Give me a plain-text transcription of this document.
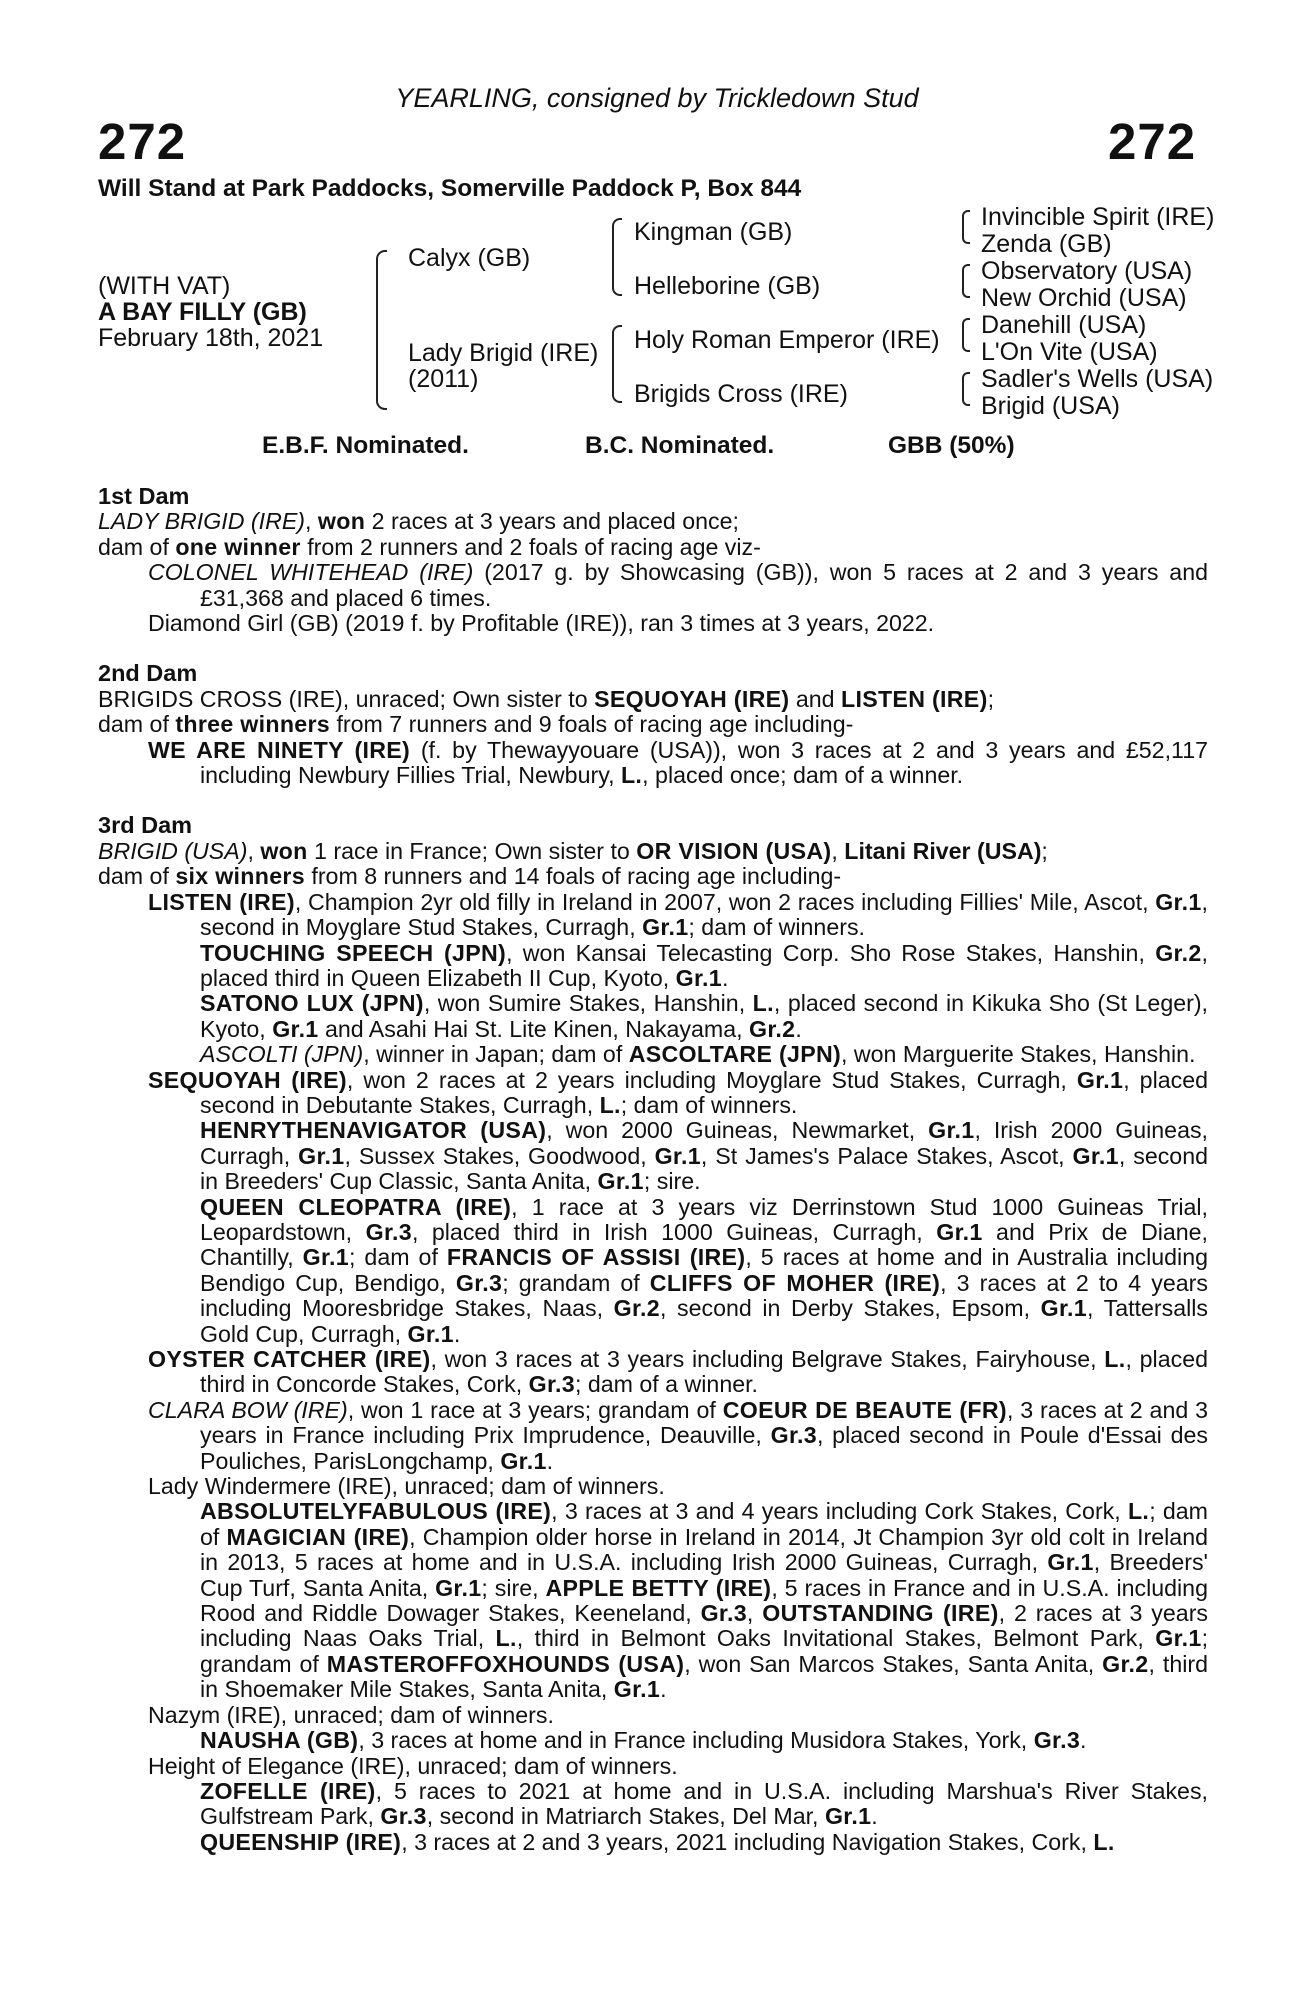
YEARLING, consigned by Trickledown Stud
272	272
Will Stand at Park Paddocks, Somerville Paddock P, Box 844
(WITH VAT)
A BAY FILLY (GB)
February 18th, 2021
Calyx (GB)
Lady Brigid (IRE)
(2011)
Kingman (GB)
Helleborine (GB)
Holy Roman Emperor (IRE)
Brigids Cross (IRE)
Invincible Spirit (IRE)
Zenda (GB)
Observatory (USA)
New Orchid (USA)
Danehill (USA)
L'On Vite (USA)
Sadler's Wells (USA)
Brigid (USA)
E.B.F. Nominated.	B.C. Nominated.	GBB (50%)
1st Dam
LADY BRIGID (IRE), won 2 races at 3 years and placed once;
dam of one winner from 2 runners and 2 foals of racing age viz-
COLONEL WHITEHEAD (IRE) (2017 g. by Showcasing (GB)), won 5 races at 2 and 3 years and £31,368 and placed 6 times.
Diamond Girl (GB) (2019 f. by Profitable (IRE)), ran 3 times at 3 years, 2022.
2nd Dam
BRIGIDS CROSS (IRE), unraced; Own sister to SEQUOYAH (IRE) and LISTEN (IRE);
dam of three winners from 7 runners and 9 foals of racing age including-
WE ARE NINETY (IRE) (f. by Thewayyouare (USA)), won 3 races at 2 and 3 years and £52,117 including Newbury Fillies Trial, Newbury, L., placed once; dam of a winner.
3rd Dam
BRIGID (USA), won 1 race in France; Own sister to OR VISION (USA), Litani River (USA);
dam of six winners from 8 runners and 14 foals of racing age including-
LISTEN (IRE), Champion 2yr old filly in Ireland in 2007, won 2 races including Fillies' Mile, Ascot, Gr.1, second in Moyglare Stud Stakes, Curragh, Gr.1; dam of winners.
TOUCHING SPEECH (JPN), won Kansai Telecasting Corp. Sho Rose Stakes, Hanshin, Gr.2, placed third in Queen Elizabeth II Cup, Kyoto, Gr.1.
SATONO LUX (JPN), won Sumire Stakes, Hanshin, L., placed second in Kikuka Sho (St Leger), Kyoto, Gr.1 and Asahi Hai St. Lite Kinen, Nakayama, Gr.2.
ASCOLTI (JPN), winner in Japan; dam of ASCOLTARE (JPN), won Marguerite Stakes, Hanshin.
SEQUOYAH (IRE), won 2 races at 2 years including Moyglare Stud Stakes, Curragh, Gr.1, placed second in Debutante Stakes, Curragh, L.; dam of winners.
HENRYTHENAVIGATOR (USA), won 2000 Guineas, Newmarket, Gr.1, Irish 2000 Guineas, Curragh, Gr.1, Sussex Stakes, Goodwood, Gr.1, St James's Palace Stakes, Ascot, Gr.1, second in Breeders' Cup Classic, Santa Anita, Gr.1; sire.
QUEEN CLEOPATRA (IRE), 1 race at 3 years viz Derrinstown Stud 1000 Guineas Trial, Leopardstown, Gr.3, placed third in Irish 1000 Guineas, Curragh, Gr.1 and Prix de Diane, Chantilly, Gr.1; dam of FRANCIS OF ASSISI (IRE), 5 races at home and in Australia including Bendigo Cup, Bendigo, Gr.3; grandam of CLIFFS OF MOHER (IRE), 3 races at 2 to 4 years including Mooresbridge Stakes, Naas, Gr.2, second in Derby Stakes, Epsom, Gr.1, Tattersalls Gold Cup, Curragh, Gr.1.
OYSTER CATCHER (IRE), won 3 races at 3 years including Belgrave Stakes, Fairyhouse, L., placed third in Concorde Stakes, Cork, Gr.3; dam of a winner.
CLARA BOW (IRE), won 1 race at 3 years; grandam of COEUR DE BEAUTE (FR), 3 races at 2 and 3 years in France including Prix Imprudence, Deauville, Gr.3, placed second in Poule d'Essai des Pouliches, ParisLongchamp, Gr.1.
Lady Windermere (IRE), unraced; dam of winners.
ABSOLUTELYFABULOUS (IRE), 3 races at 3 and 4 years including Cork Stakes, Cork, L.; dam of MAGICIAN (IRE), Champion older horse in Ireland in 2014, Jt Champion 3yr old colt in Ireland in 2013, 5 races at home and in U.S.A. including Irish 2000 Guineas, Curragh, Gr.1, Breeders' Cup Turf, Santa Anita, Gr.1; sire, APPLE BETTY (IRE), 5 races in France and in U.S.A. including Rood and Riddle Dowager Stakes, Keeneland, Gr.3, OUTSTANDING (IRE), 2 races at 3 years including Naas Oaks Trial, L., third in Belmont Oaks Invitational Stakes, Belmont Park, Gr.1; grandam of MASTEROFFOXHOUNDS (USA), won San Marcos Stakes, Santa Anita, Gr.2, third in Shoemaker Mile Stakes, Santa Anita, Gr.1.
Nazym (IRE), unraced; dam of winners.
NAUSHA (GB), 3 races at home and in France including Musidora Stakes, York, Gr.3.
Height of Elegance (IRE), unraced; dam of winners.
ZOFELLE (IRE), 5 races to 2021 at home and in U.S.A. including Marshua's River Stakes, Gulfstream Park, Gr.3, second in Matriarch Stakes, Del Mar, Gr.1.
QUEENSHIP (IRE), 3 races at 2 and 3 years, 2021 including Navigation Stakes, Cork, L.
